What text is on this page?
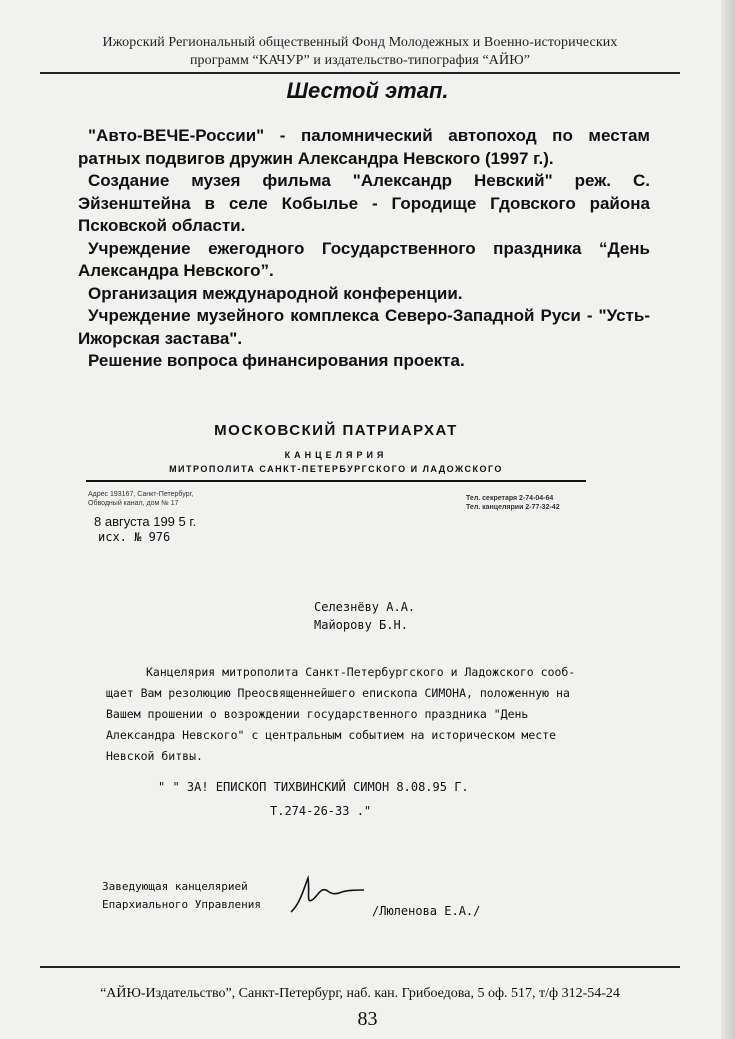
Ижорский Региональный общественный Фонд Молодежных и Военно-исторических
программ “КАЧУР” и издательство-типография “АЙЮ”
Шестой этап.

"Авто-ВЕЧЕ-России" - паломнический автопоход по местам ратных подвигов дружин Александра Невского (1997 г.).

Создание музея фильма "Александр Невский" реж. С. Эйзенштейна в селе Кобылье - Городище Гдовского района Псковской области.

Учреждение ежегодного Государственного праздника “День Александра Невского”.

Организация международной конференции.

Учреждение музейного комплекса Северо-Западной Руси - "Усть-Ижорская застава".

Решение вопроса финансирования проекта.

МОСКОВСКИЙ ПАТРИАРХАТ
КАНЦЕЛЯРИЯ
МИТРОПОЛИТА САНКТ-ПЕТЕРБУРГСКОГО И ЛАДОЖСКОГО
Адрес 193167, Санкт-Петербург,
Обводный канал, дом № 17
Тел. секретаря 2-74-04-64
Тел. канцелярии 2-77-32-42
8 августа 199 5 г.
исх. № 976
Селезнёву А.А.
Майорову Б.Н.
Канцелярия митрополита Санкт-Петербургского и Ладожского сооб-
щает Вам резолюцию Преосвященнейшего епископа СИМОНА, положенную на
Вашем прошении о возрождении государственного праздника "День
Александра Невского" с центральным событием на историческом месте
Невской битвы.
" " ЗА! ЕПИСКОП ТИХВИНСКИЙ СИМОН 8.08.95 Г.
Т.274-26-33 ."
Заведующая канцелярией
Епархиального Управления	/Люленова Е.А./
“АЙЮ-Издательство”, Санкт-Петербург, наб. кан. Грибоедова, 5 оф. 517, т/ф 312-54-24
83
